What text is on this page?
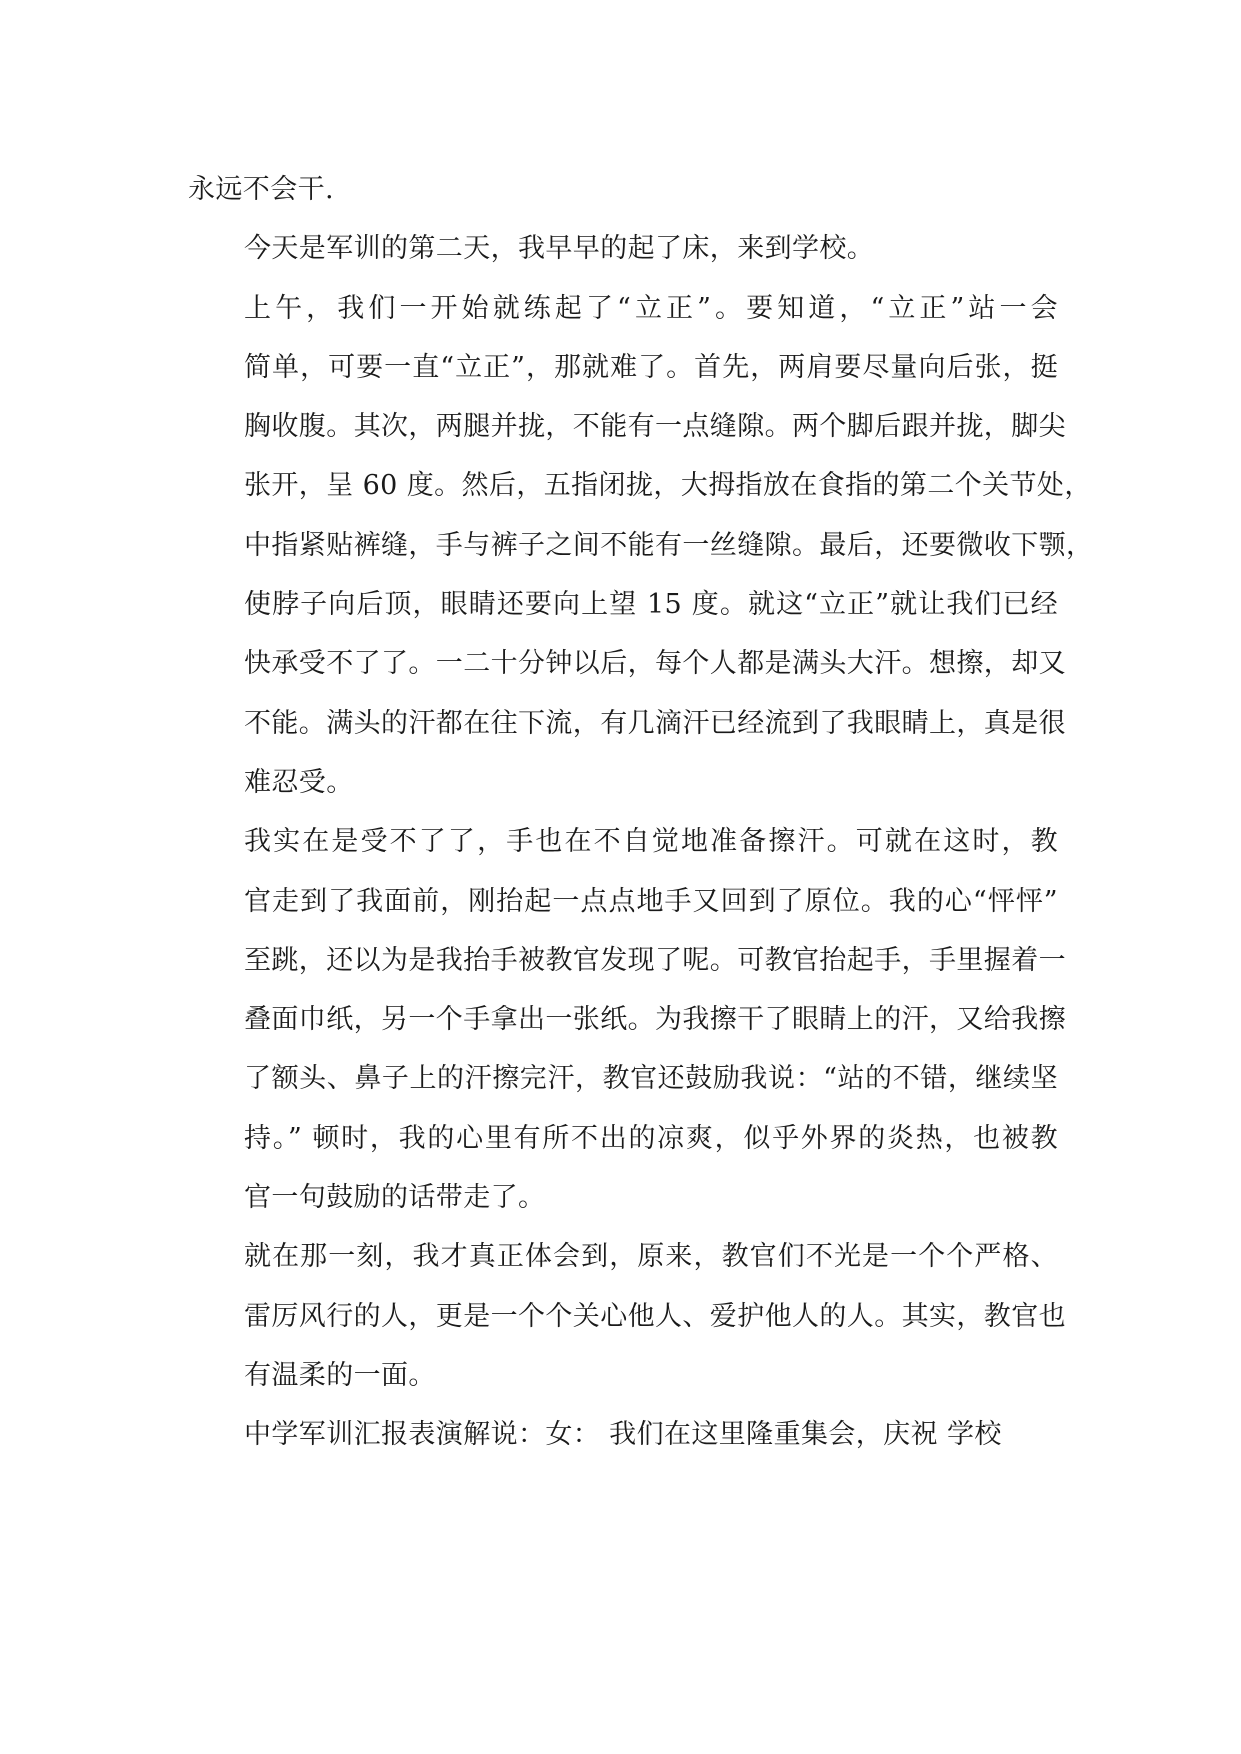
永远不会干.

今天是军训的第二天，我早早的起了床，来到学校。

上午，我们一开始就练起了“立正”。要知道，“立正”站一会
简单，可要一直“立正”，那就难了。首先，两肩要尽量向后张，挺
胸收腹。其次，两腿并拢，不能有一点缝隙。两个脚后跟并拢，脚尖
张开，呈 60 度。然后，五指闭拢，大拇指放在食指的第二个关节处，
中指紧贴裤缝，手与裤子之间不能有一丝缝隙。最后，还要微收下颚，
使脖子向后顶，眼睛还要向上望 15 度。就这“立正”就让我们已经
快承受不了了。一二十分钟以后，每个人都是满头大汗。想擦，却又
不能。满头的汗都在往下流，有几滴汗已经流到了我眼睛上，真是很
难忍受。

我实在是受不了了，手也在不自觉地准备擦汗。可就在这时，教
官走到了我面前，刚抬起一点点地手又回到了原位。我的心“怦怦”
至跳，还以为是我抬手被教官发现了呢。可教官抬起手，手里握着一
叠面巾纸，另一个手拿出一张纸。为我擦干了眼睛上的汗，又给我擦
了额头、鼻子上的汗擦完汗，教官还鼓励我说：“站的不错，继续坚
持。” 顿时，我的心里有所不出的凉爽，似乎外界的炎热，也被教
官一句鼓励的话带走了。

就在那一刻，我才真正体会到，原来，教官们不光是一个个严格、
雷厉风行的人，更是一个个关心他人、爱护他人的人。其实，教官也
有温柔的一面。

中学军训汇报表演解说：女： 我们在这里隆重集会，庆祝 学校
